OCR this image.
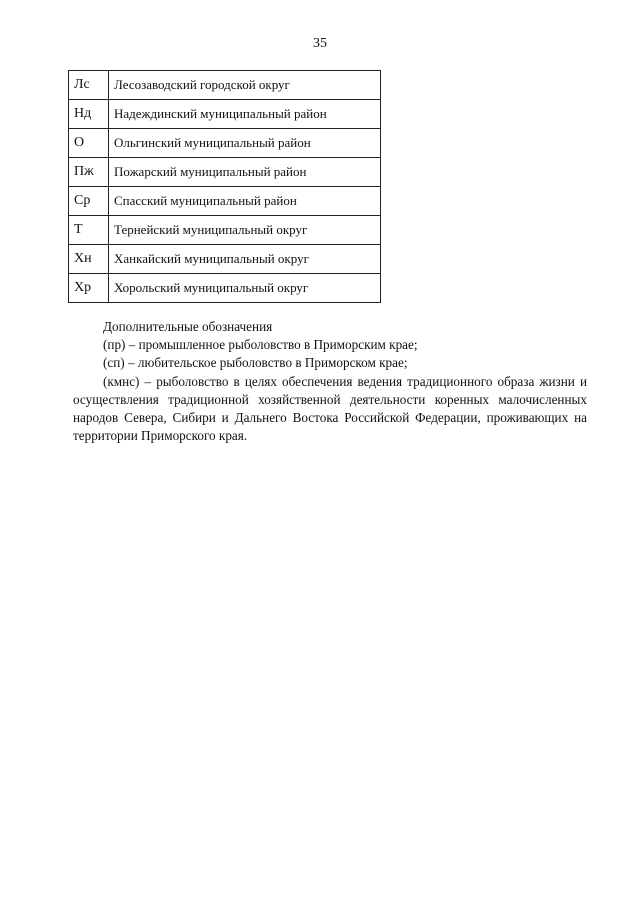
35
Лс	Лесозаводский городской округ
Нд	Надеждинский муниципальный район
О	Ольгинский муниципальный район
Пж	Пожарский муниципальный район
Ср	Спасский муниципальный район
Т	Тернейский муниципальный округ
Хн	Ханкайский муниципальный округ
Хр	Хорольский муниципальный округ

Дополнительные обозначения

(пр) – промышленное рыболовство в Приморским крае;

(сп) – любительское рыболовство в Приморском крае;

(кмнс) – рыболовство в целях обеспечения ведения традиционного образа жизни и осуществления традиционной хозяйственной деятельности коренных малочисленных народов Севера, Сибири и Дальнего Востока Российской Федерации, проживающих на территории Приморского края.
